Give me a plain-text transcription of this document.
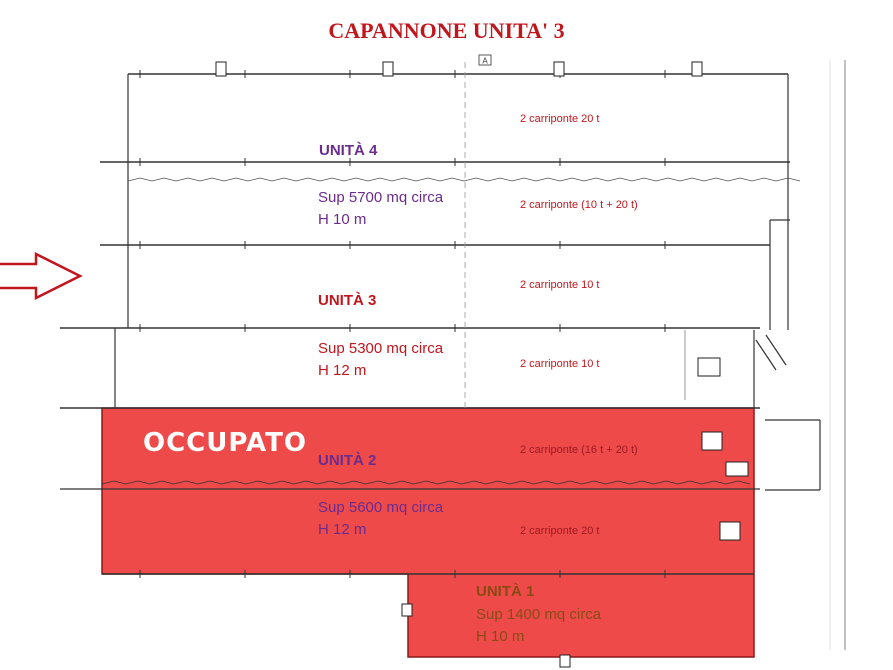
A
CAPANNONE UNITA' 3
UNITÀ 4
Sup 5700 mq circa
H 10 m
UNITÀ 3
Sup 5300 mq circa
H 12 m
OCCUPATO
UNITÀ 2
Sup 5600 mq circa
H 12 m
UNITÀ 1
Sup 1400 mq circa
H 10 m
2 carriponte 20 t
2 carriponte (10 t + 20 t)
2 carriponte 10 t
2 carriponte 10 t
2 carriponte (16 t + 20 t)
2 carriponte 20 t
